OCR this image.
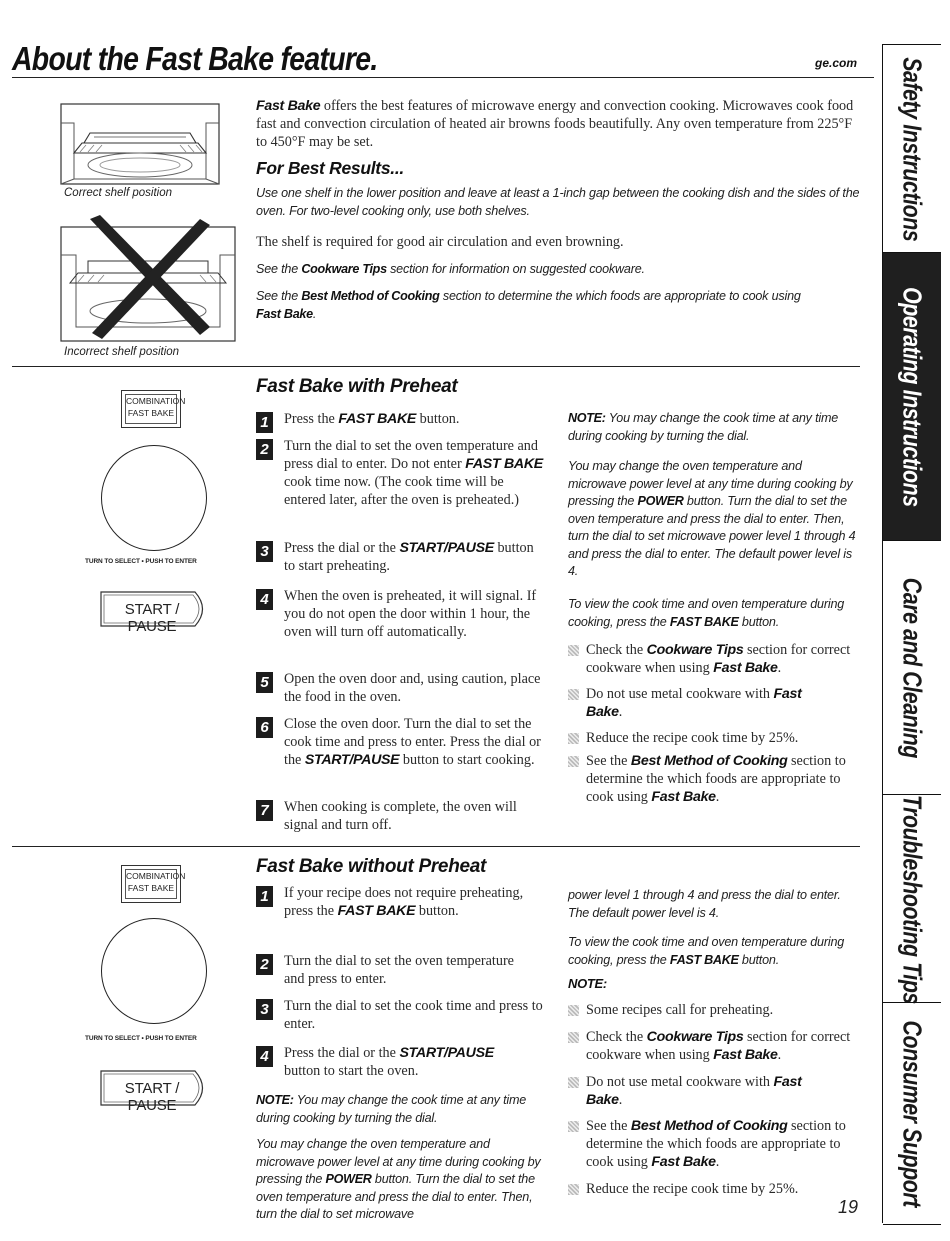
About the Fast Bake feature.	ge.com Safety Instructions
Operating Instructions
Care and Cleaning
Troubleshooting Tips
Consumer Support
Correct shelf position
Incorrect shelf position
Fast Bake offers the best features of microwave energy and convection cooking. Microwaves cook food fast and convection circulation of heated air browns foods beautifully. Any oven temperature from 225°F to 450°F may be set.
For Best Results...
Use one shelf in the lower position and leave at least a 1-inch gap between the cooking dish and the sides of the oven. For two-level cooking only, use both shelves.
The shelf is required for good air circulation and even browning.
See the Cookware Tips section for information on suggested cookware.
See the Best Method of Cooking section to determine the which foods are appropriate to cook using Fast Bake.
COMBINATION
FAST BAKE
TURN TO SELECT • PUSH TO ENTER
START / PAUSE
Fast Bake with Preheat
1	Press the FAST BAKE button.
2	Turn the dial to set the oven temperature and press dial to enter. Do not enter FAST BAKE cook time now. (The cook time will be entered later, after the oven is preheated.)
3	Press the dial or the START/PAUSE button to start preheating.
4	When the oven is preheated, it will signal. If you do not open the door within 1 hour, the oven will turn off automatically.
5	Open the oven door and, using caution, place the food in the oven.
6	Close the oven door. Turn the dial to set the cook time and press to enter. Press the dial or the START/PAUSE button to start cooking.
7	When cooking is complete, the oven will signal and turn off.
NOTE: You may change the cook time at any time during cooking by turning the dial.
You may change the oven temperature and microwave power level at any time during cooking by pressing the POWER button. Turn the dial to set the oven temperature and press the dial to enter. Then, turn the dial to set microwave power level 1 through 4 and press the dial to enter. The default power level is 4.
To view the cook time and oven temperature during cooking, press the FAST BAKE button.
Check the Cookware Tips section for correct cookware when using Fast Bake.
Do not use metal cookware with Fast Bake.
Reduce the recipe cook time by 25%.
See the Best Method of Cooking section to determine the which foods are appropriate to cook using Fast Bake.
COMBINATION
FAST BAKE
TURN TO SELECT • PUSH TO ENTER
START / PAUSE
Fast Bake without Preheat
1	If your recipe does not require preheating, press the FAST BAKE button.
2	Turn the dial to set the oven temperature and press to enter.
3	Turn the dial to set the cook time and press to enter.
4	Press the dial or the START/PAUSE button to start the oven.
NOTE: You may change the cook time at any time during cooking by turning the dial.
You may change the oven temperature and microwave power level at any time during cooking by pressing the POWER button. Turn the dial to set the oven temperature and press the dial to enter. Then, turn the dial to set microwave
power level 1 through 4 and press the dial to enter. The default power level is 4.
To view the cook time and oven temperature during cooking, press the FAST BAKE button.
NOTE:
Some recipes call for preheating.
Check the Cookware Tips section for correct cookware when using Fast Bake.
Do not use metal cookware with Fast Bake.
See the Best Method of Cooking section to determine the which foods are appropriate to cook using Fast Bake.
Reduce the recipe cook time by 25%.
19
